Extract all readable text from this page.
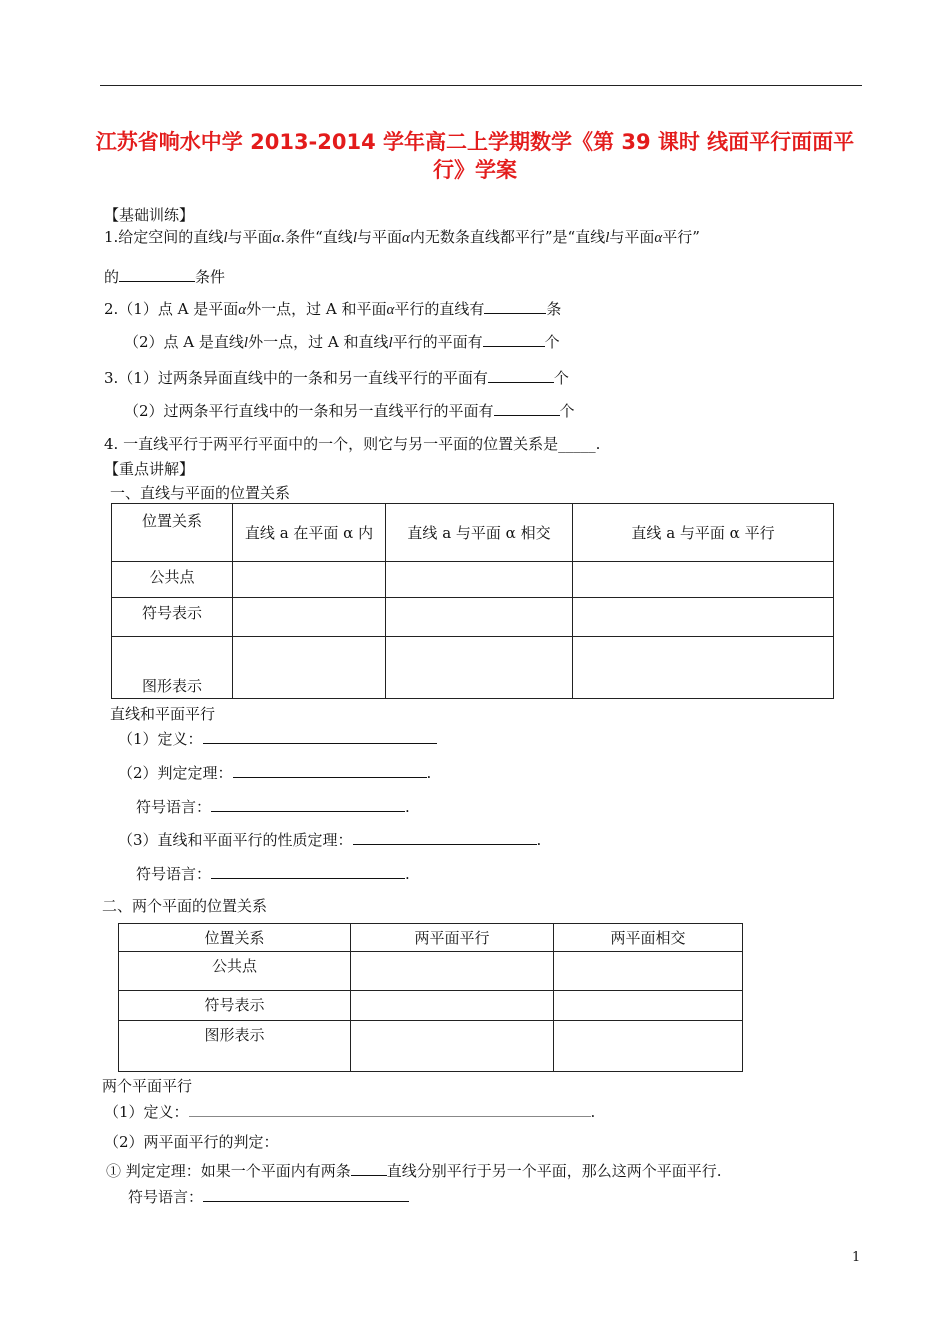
江苏省响水中学 2013-2014 学年高二上学期数学《第 39 课时 线面平行面面平
行》学案
【基础训练】
1.给定空间的直线l与平面α.条件“直线l与平面α内无数条直线都平行”是“直线l与平面α平行”
的	条件
2.（1）点 A 是平面α外一点，过 A 和平面α平行的直线有	条
（2）点 A 是直线l外一点，过 A 和直线l平行的平面有	个
3.（1）过两条异面直线中的一条和另一直线平行的平面有	个
（2）过两条平行直线中的一条和另一直线平行的平面有	个
4. 一直线平行于两平行平面中的一个，则它与另一平面的位置关系是_____.
【重点讲解】
一、直线与平面的位置关系
位置关系	直线 a 在平面 α 内	直线 a 与平面 α 相交	直线 a 与平面 α 平行
公共点			
符号表示			
图形表示			
直线和平面平行
（1）定义：
（2）判定定理：	.
符号语言：	.
（3）直线和平面平行的性质定理：	.
符号语言：	.
二、两个平面的位置关系
位置关系	两平面平行	两平面相交
公共点		
符号表示		
图形表示		
两个平面平行
（1）定义：	.
（2）两平面平行的判定：
① 判定定理：如果一个平面内有两条 直线分别平行于另一个平面，那么这两个平面平行.
符号语言：
1
